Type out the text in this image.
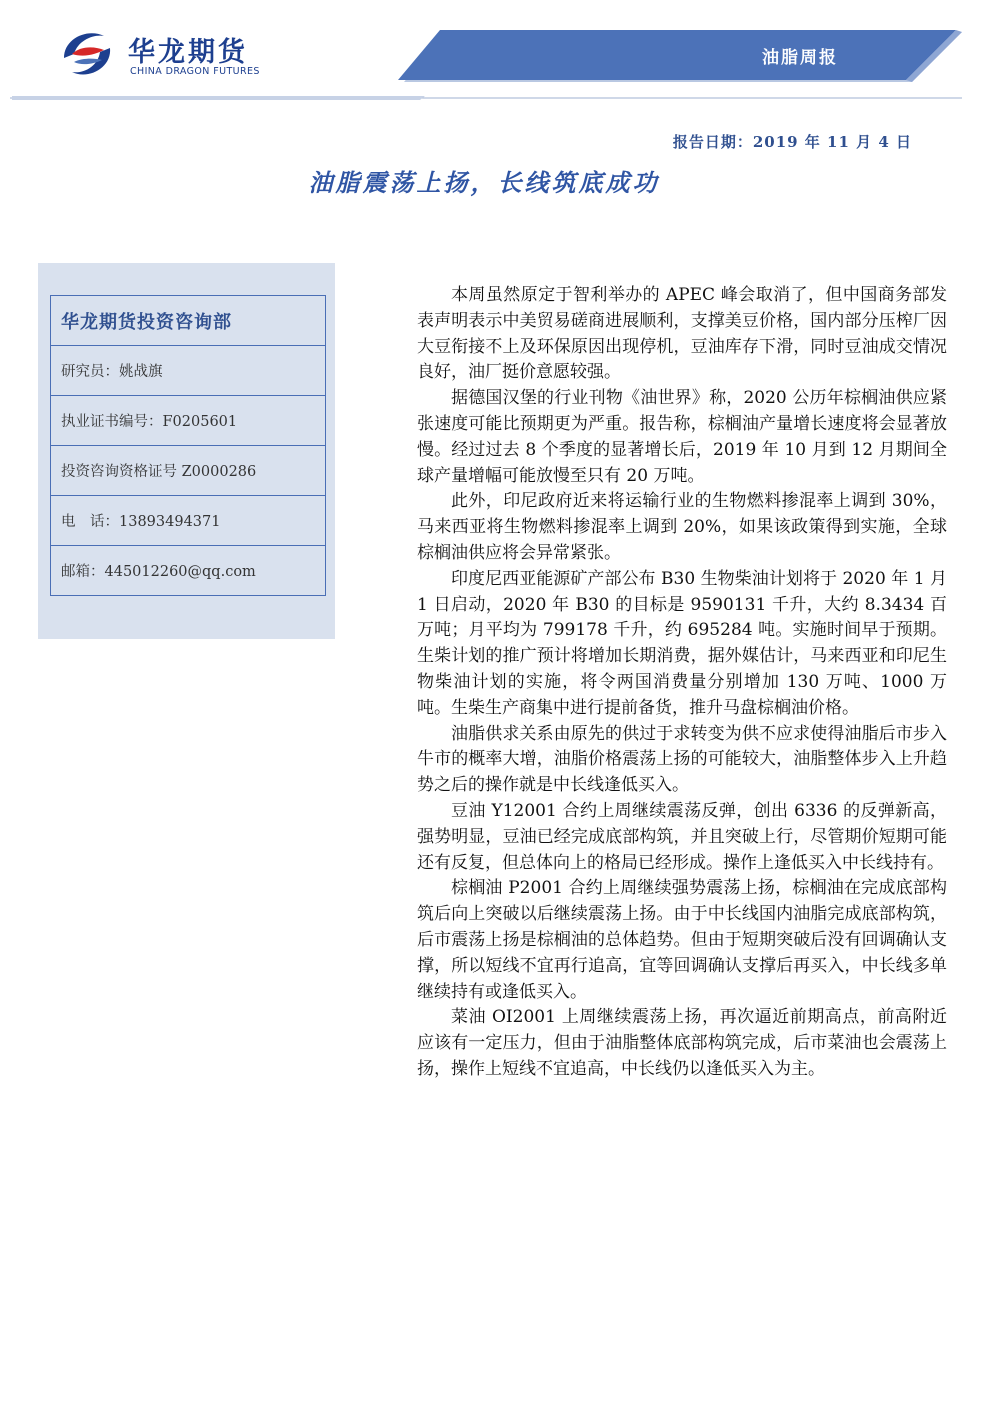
华龙期货
CHINA DRAGON FUTURES
油脂周报
报告日期：2019 年 11 月 4 日
油脂震荡上扬，长线筑底成功
华龙期货投资咨询部
研究员：姚战旗
执业证书编号：F0205601
投资咨询资格证号 Z0000286
电　话：13893494371
邮箱：445012260@qq.com

本周虽然原定于智利举办的 APEC 峰会取消了，但中国商务部发表声明表示中美贸易磋商进展顺利，支撑美豆价格，国内部分压榨厂因大豆衔接不上及环保原因出现停机，豆油库存下滑，同时豆油成交情况良好，油厂挺价意愿较强。

据德国汉堡的行业刊物《油世界》称，2020 公历年棕榈油供应紧张速度可能比预期更为严重。报告称，棕榈油产量增长速度将会显著放慢。经过过去 8 个季度的显著增长后，2019 年 10 月到 12 月期间全球产量增幅可能放慢至只有 20 万吨。

此外，印尼政府近来将运输行业的生物燃料掺混率上调到 30%，马来西亚将生物燃料掺混率上调到 20%，如果该政策得到实施，全球棕榈油供应将会异常紧张。

印度尼西亚能源矿产部公布 B30 生物柴油计划将于 2020 年 1 月 1 日启动，2020 年 B30 的目标是 9590131 千升，大约 8.3434 百万吨；月平均为 799178 千升，约 695284 吨。实施时间早于预期。生柴计划的推广预计将增加长期消费，据外媒估计，马来西亚和印尼生物柴油计划的实施，将令两国消费量分别增加 130 万吨、1000 万吨。生柴生产商集中进行提前备货，推升马盘棕榈油价格。

油脂供求关系由原先的供过于求转变为供不应求使得油脂后市步入牛市的概率大增，油脂价格震荡上扬的可能较大，油脂整体步入上升趋势之后的操作就是中长线逢低买入。

豆油 Y12001 合约上周继续震荡反弹，创出 6336 的反弹新高，强势明显，豆油已经完成底部构筑，并且突破上行，尽管期价短期可能还有反复，但总体向上的格局已经形成。操作上逢低买入中长线持有。

棕榈油 P2001 合约上周继续强势震荡上扬，棕榈油在完成底部构筑后向上突破以后继续震荡上扬。由于中长线国内油脂完成底部构筑，后市震荡上扬是棕榈油的总体趋势。但由于短期突破后没有回调确认支撑，所以短线不宜再行追高，宜等回调确认支撑后再买入，中长线多单继续持有或逢低买入。

菜油 OI2001 上周继续震荡上扬，再次逼近前期高点，前高附近应该有一定压力，但由于油脂整体底部构筑完成，后市菜油也会震荡上扬，操作上短线不宜追高，中长线仍以逢低买入为主。
